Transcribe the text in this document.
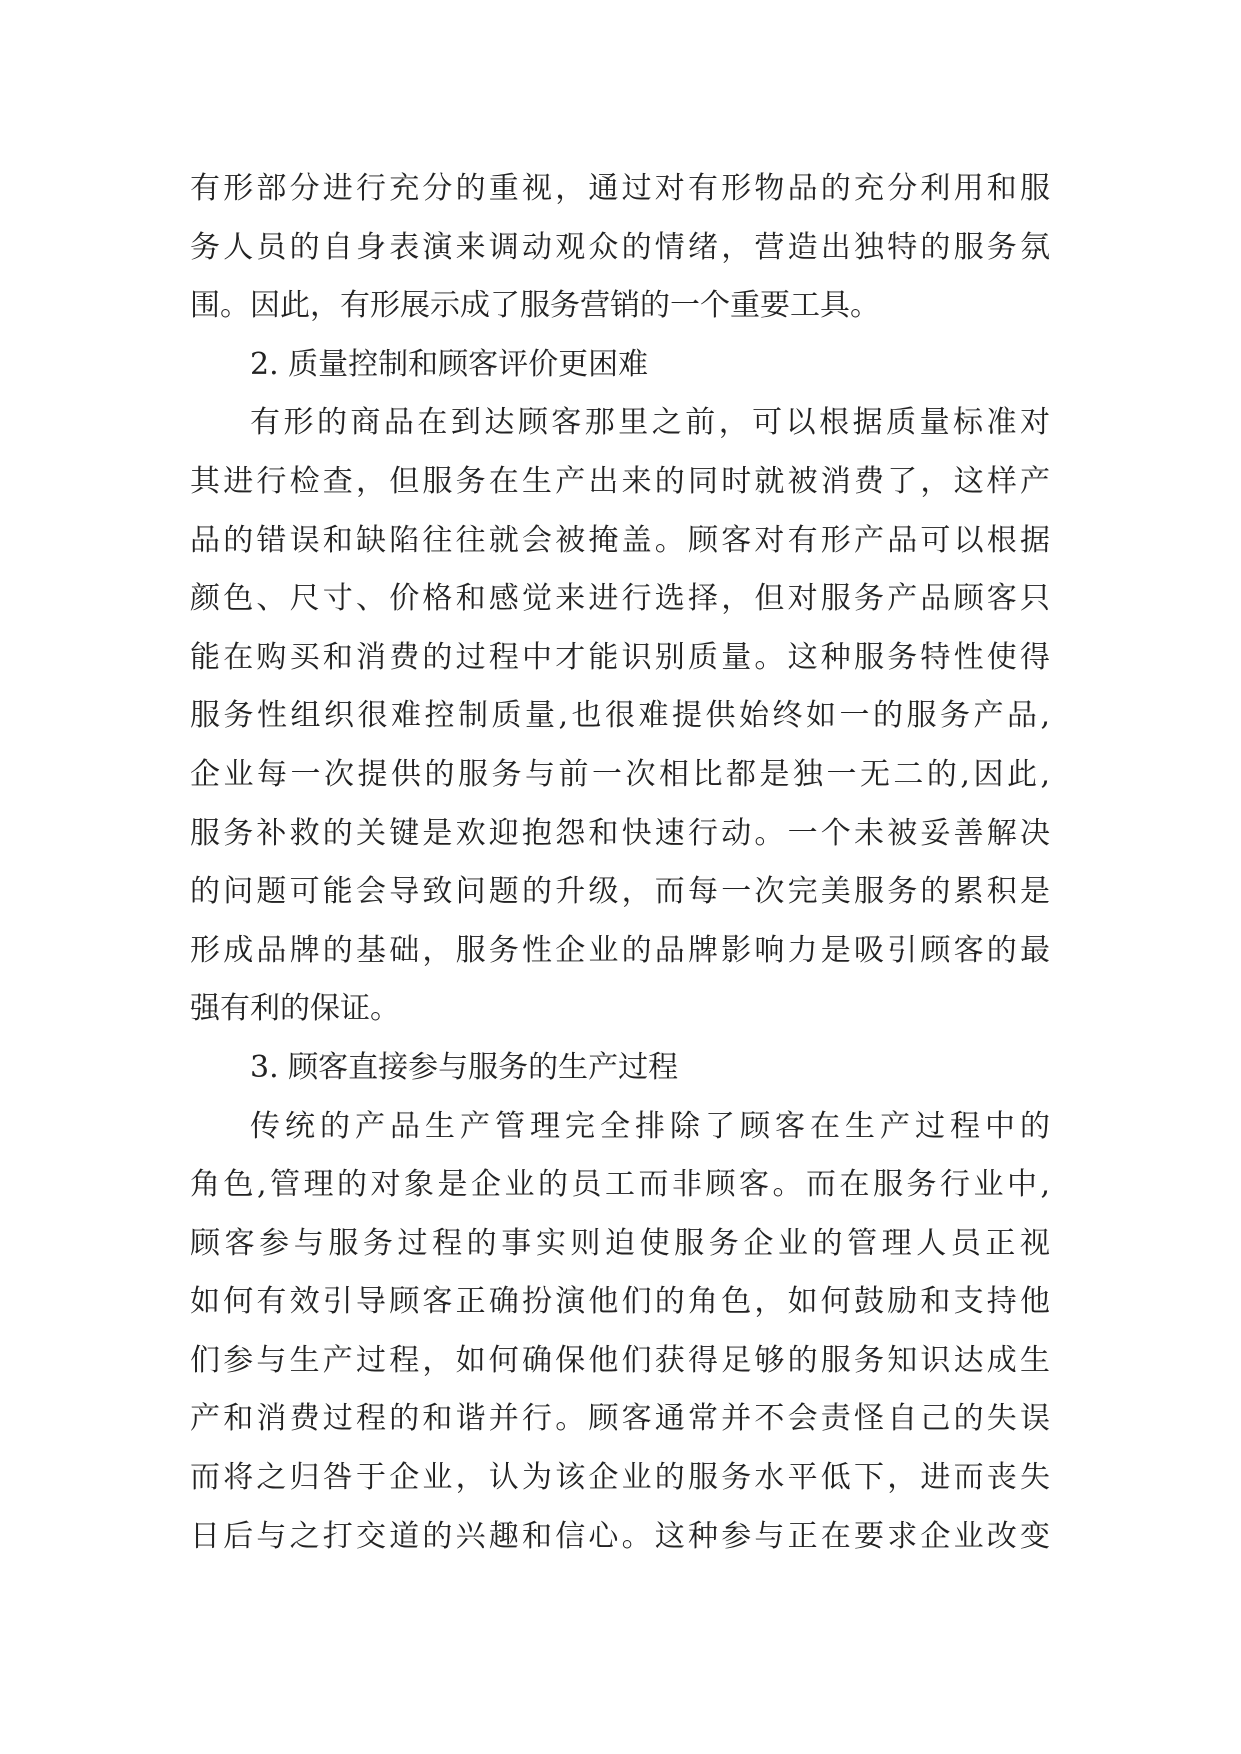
有形部分进行充分的重视，通过对有形物品的充分利用和服
务人员的自身表演来调动观众的情绪，营造出独特的服务氛
围。因此，有形展示成了服务营销的一个重要工具。
2. 质量控制和顾客评价更困难
有形的商品在到达顾客那里之前，可以根据质量标准对
其进行检查，但服务在生产出来的同时就被消费了，这样产
品的错误和缺陷往往就会被掩盖。顾客对有形产品可以根据
颜色、尺寸、价格和感觉来进行选择，但对服务产品顾客只
能在购买和消费的过程中才能识别质量。这种服务特性使得
服务性组织很难控制质量,也很难提供始终如一的服务产品,
企业每一次提供的服务与前一次相比都是独一无二的,因此,
服务补救的关键是欢迎抱怨和快速行动。一个未被妥善解决
的问题可能会导致问题的升级，而每一次完美服务的累积是
形成品牌的基础，服务性企业的品牌影响力是吸引顾客的最
强有利的保证。
3. 顾客直接参与服务的生产过程
传统的产品生产管理完全排除了顾客在生产过程中的
角色,管理的对象是企业的员工而非顾客。而在服务行业中,
顾客参与服务过程的事实则迫使服务企业的管理人员正视
如何有效引导顾客正确扮演他们的角色，如何鼓励和支持他
们参与生产过程，如何确保他们获得足够的服务知识达成生
产和消费过程的和谐并行。顾客通常并不会责怪自己的失误
而将之归咎于企业，认为该企业的服务水平低下，进而丧失
日后与之打交道的兴趣和信心。这种参与正在要求企业改变
